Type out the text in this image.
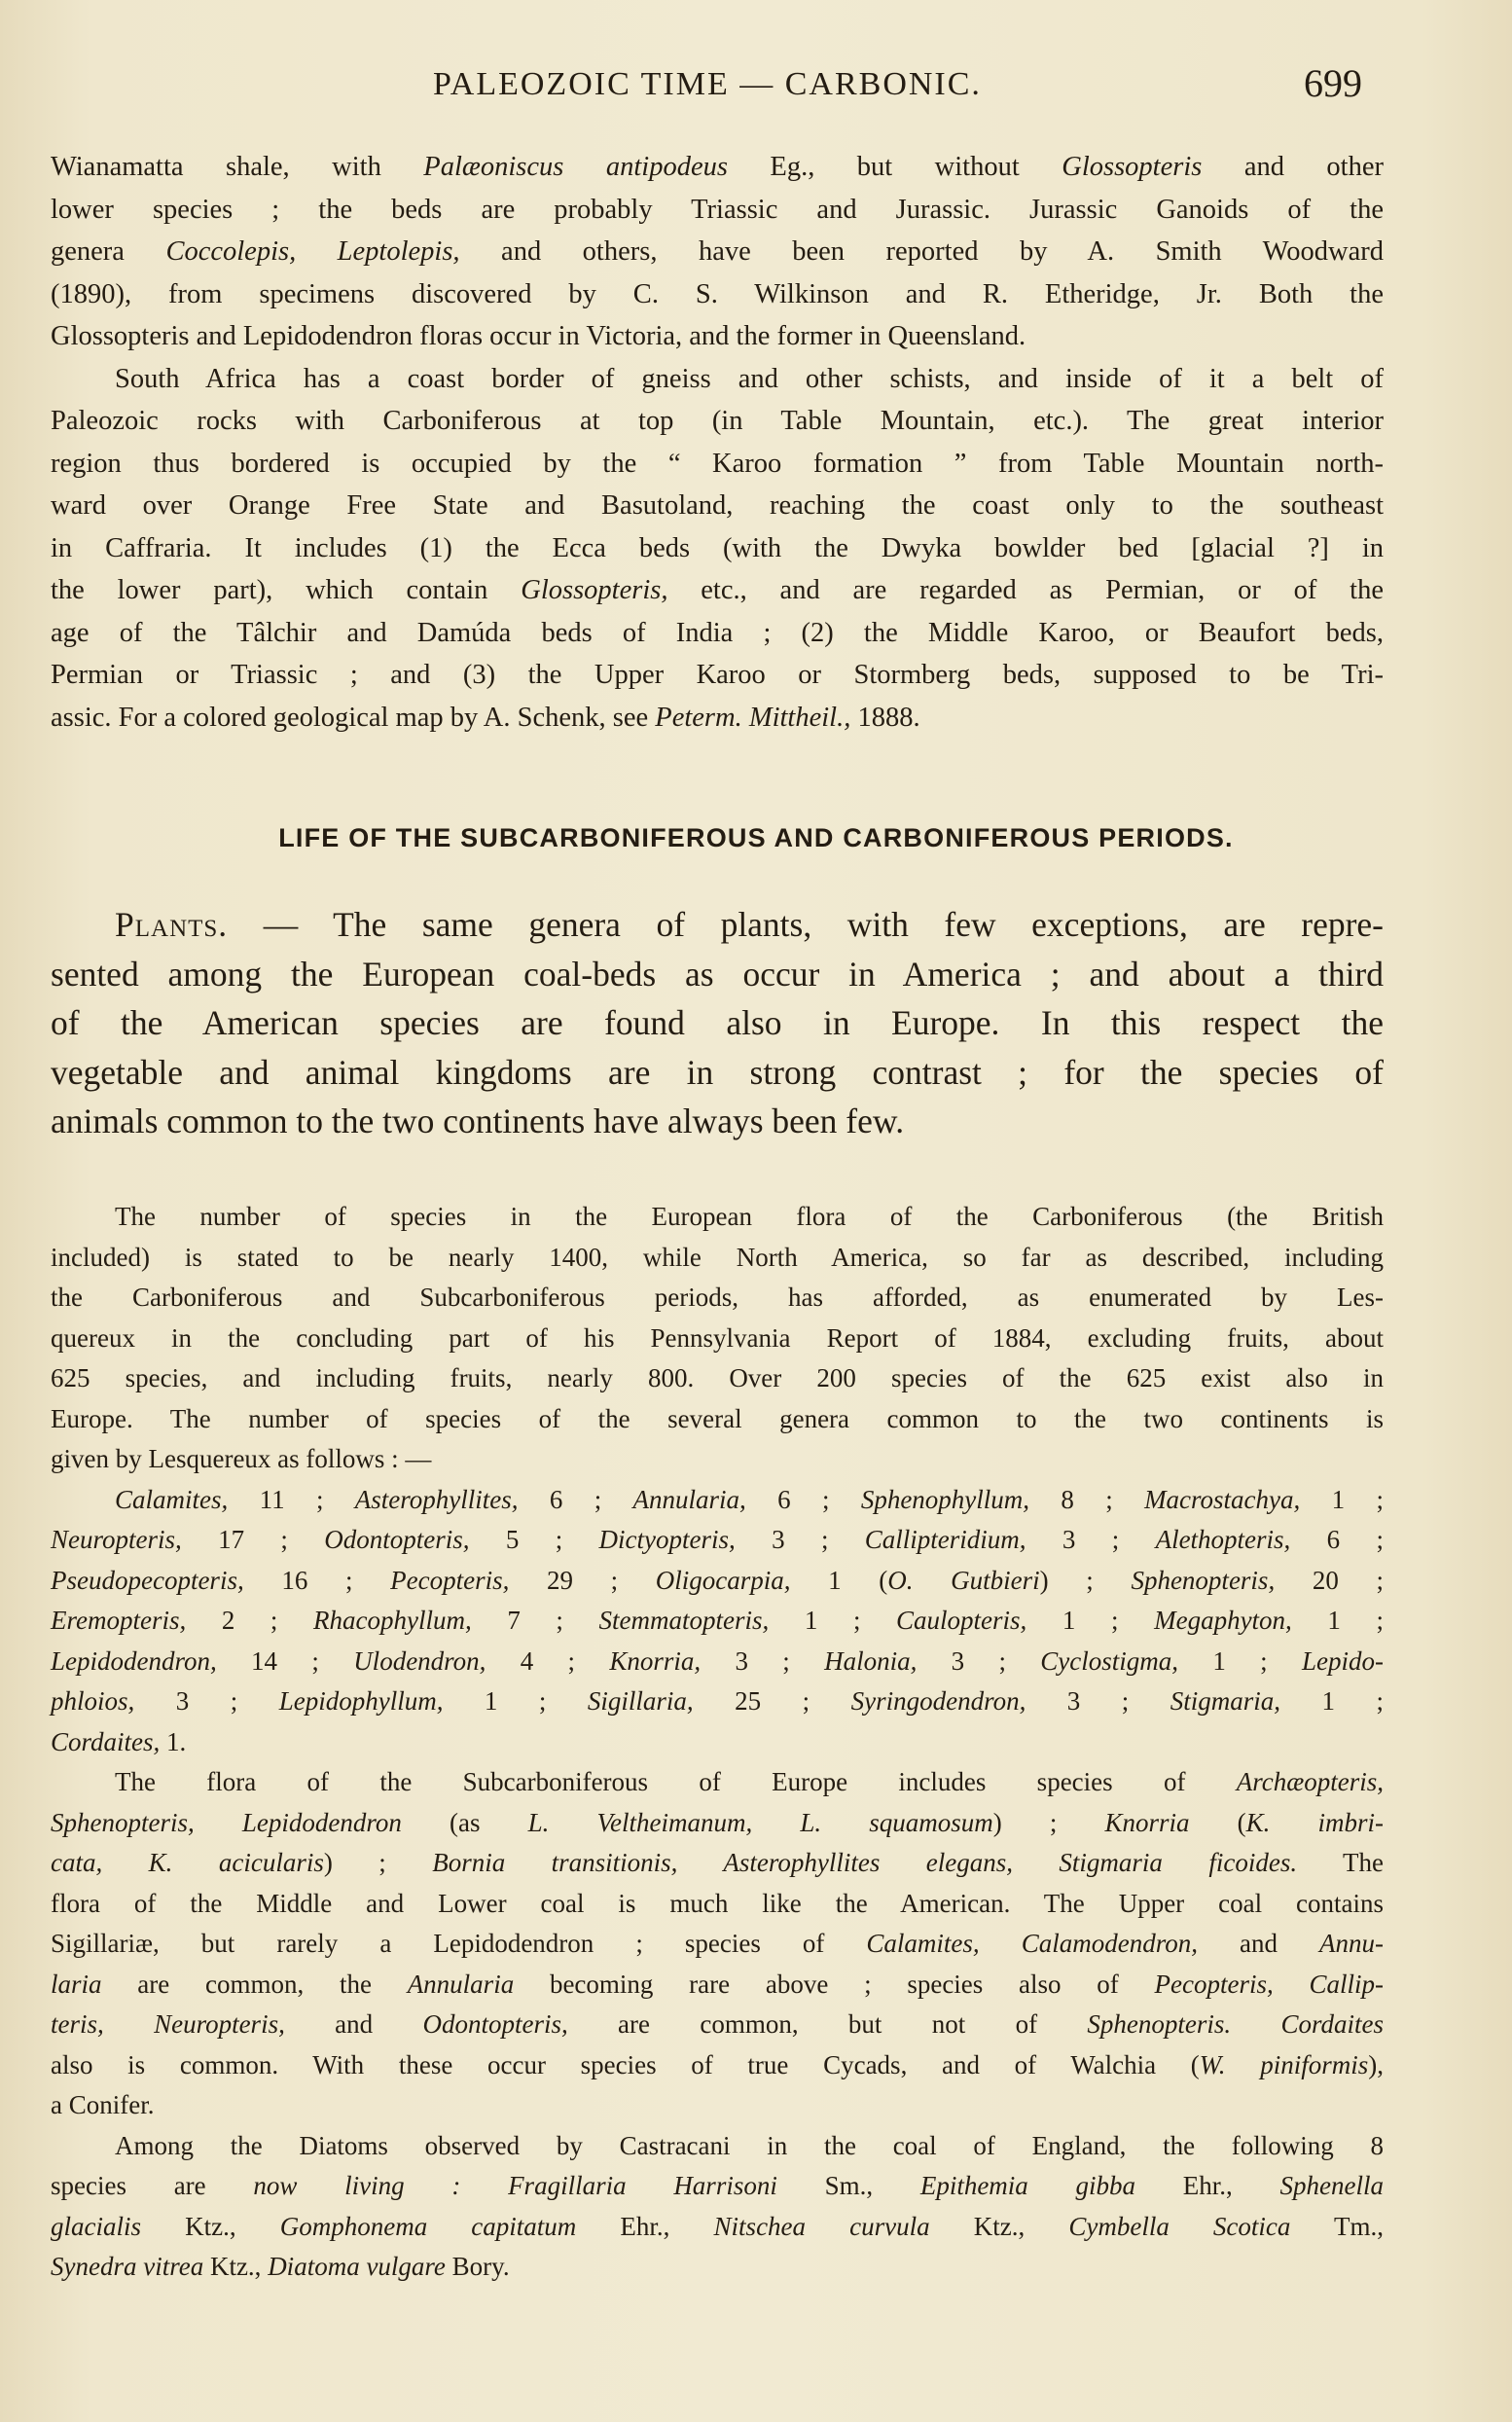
PALEOZOIC TIME — CARBONIC.	699
Wianamatta shale, with Palæoniscus antipodeus Eg., but without Glossopteris and other
lower species ; the beds are probably Triassic and Jurassic. Jurassic Ganoids of the
genera Coccolepis, Leptolepis, and others, have been reported by A. Smith Woodward
(1890), from specimens discovered by C. S. Wilkinson and R. Etheridge, Jr. Both the
Glossopteris and Lepidodendron floras occur in Victoria, and the former in Queensland.
South Africa has a coast border of gneiss and other schists, and inside of it a belt of
Paleozoic rocks with Carboniferous at top (in Table Mountain, etc.). The great interior
region thus bordered is occupied by the “ Karoo formation ” from Table Mountain north-
ward over Orange Free State and Basutoland, reaching the coast only to the southeast
in Caffraria. It includes (1) the Ecca beds (with the Dwyka bowlder bed [glacial ?] in
the lower part), which contain Glossopteris, etc., and are regarded as Permian, or of the
age of the Tâlchir and Damúda beds of India ; (2) the Middle Karoo, or Beaufort beds,
Permian or Triassic ; and (3) the Upper Karoo or Stormberg beds, supposed to be Tri-
assic. For a colored geological map by A. Schenk, see Peterm. Mittheil., 1888.
LIFE OF THE SUBCARBONIFEROUS AND CARBONIFEROUS PERIODS.
Plants. — The same genera of plants, with few exceptions, are repre-
sented among the European coal-beds as occur in America ; and about a third
of the American species are found also in Europe. In this respect the
vegetable and animal kingdoms are in strong contrast ; for the species of
animals common to the two continents have always been few.
The number of species in the European flora of the Carboniferous (the British
included) is stated to be nearly 1400, while North America, so far as described, including
the Carboniferous and Subcarboniferous periods, has afforded, as enumerated by Les-
quereux in the concluding part of his Pennsylvania Report of 1884, excluding fruits, about
625 species, and including fruits, nearly 800. Over 200 species of the 625 exist also in
Europe. The number of species of the several genera common to the two continents is
given by Lesquereux as follows : —
Calamites, 11 ; Asterophyllites, 6 ; Annularia, 6 ; Sphenophyllum, 8 ; Macrostachya, 1 ;
Neuropteris, 17 ; Odontopteris, 5 ; Dictyopteris, 3 ; Callipteridium, 3 ; Alethopteris, 6 ;
Pseudopecopteris, 16 ; Pecopteris, 29 ; Oligocarpia, 1 (O. Gutbieri) ; Sphenopteris, 20 ;
Eremopteris, 2 ; Rhacophyllum, 7 ; Stemmatopteris, 1 ; Caulopteris, 1 ; Megaphyton, 1 ;
Lepidodendron, 14 ; Ulodendron, 4 ; Knorria, 3 ; Halonia, 3 ; Cyclostigma, 1 ; Lepido-
phloios, 3 ; Lepidophyllum, 1 ; Sigillaria, 25 ; Syringodendron, 3 ; Stigmaria, 1 ;
Cordaites, 1.
The flora of the Subcarboniferous of Europe includes species of Archæopteris,
Sphenopteris, Lepidodendron (as L. Veltheimanum, L. squamosum) ; Knorria (K. imbri-
cata, K. acicularis) ; Bornia transitionis, Asterophyllites elegans, Stigmaria ficoides. The
flora of the Middle and Lower coal is much like the American. The Upper coal contains
Sigillariæ, but rarely a Lepidodendron ; species of Calamites, Calamodendron, and Annu-
laria are common, the Annularia becoming rare above ; species also of Pecopteris, Callip-
teris, Neuropteris, and Odontopteris, are common, but not of Sphenopteris. Cordaites
also is common. With these occur species of true Cycads, and of Walchia (W. piniformis),
a Conifer.
Among the Diatoms observed by Castracani in the coal of England, the following 8
species are now living : Fragillaria Harrisoni Sm., Epithemia gibba Ehr., Sphenella
glacialis Ktz., Gomphonema capitatum Ehr., Nitschea curvula Ktz., Cymbella Scotica Tm.,
Synedra vitrea Ktz., Diatoma vulgare Bory.
